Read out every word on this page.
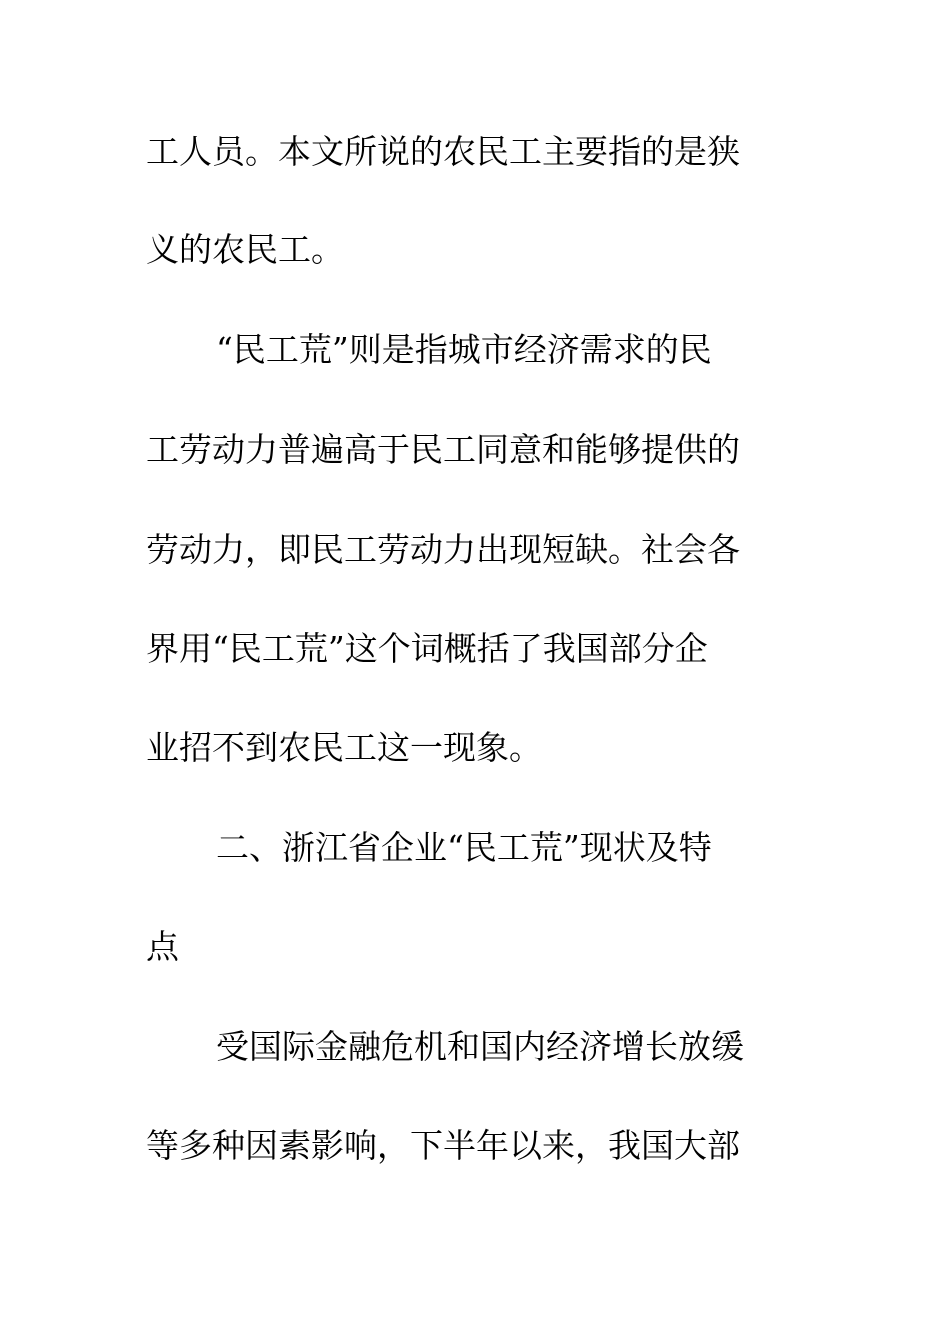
工人员。本文所说的农民工主要指的是狭
义的农民工。
“民工荒”则是指城市经济需求的民
工劳动力普遍高于民工同意和能够提供的
劳动力，即民工劳动力出现短缺。社会各
界用“民工荒”这个词概括了我国部分企
业招不到农民工这一现象。
二、浙江省企业“民工荒”现状及特
点
受国际金融危机和国内经济增长放缓
等多种因素影响，下半年以来，我国大部
